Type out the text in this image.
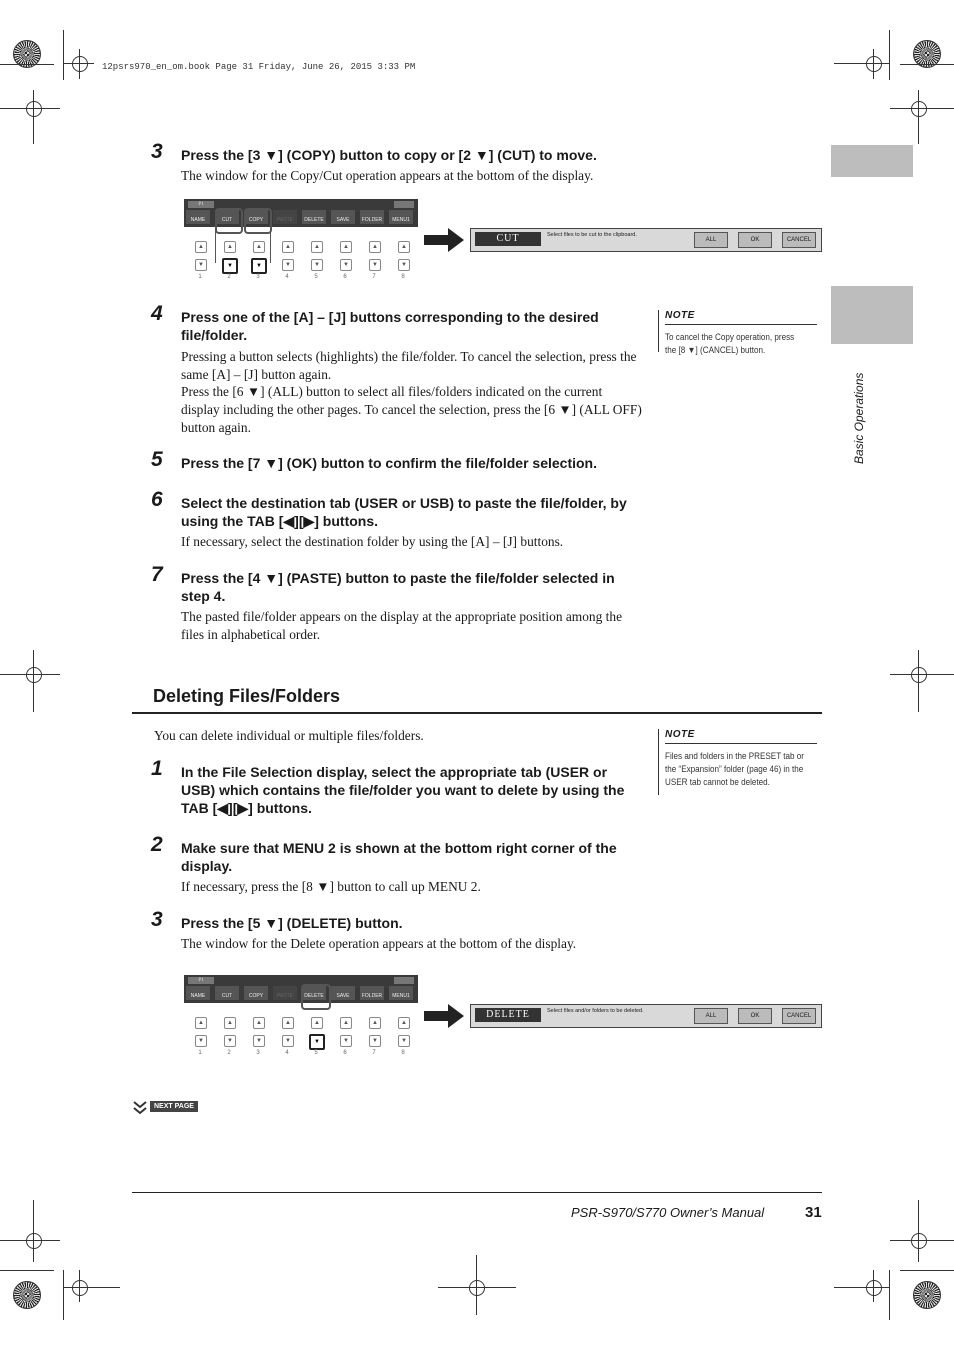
12psrs970_en_om.book Page 31 Friday, June 26, 2015 3:33 PM
Basic Operations
3 Press the [3 ▼] (COPY) button to copy or [2 ▼] (CUT) to move.
The window for the Copy/Cut operation appears at the bottom of the display.
P1
NAME	CUT	COPY	PASTE	DELETE	SAVE	FOLDER	MENU1
CUT	Select files to be cut to the clipboard.
ALL	OK	CANCEL
4 Press one of the [A] – [J] buttons corresponding to the desired file/folder.
Pressing a button selects (highlights) the file/folder. To cancel the selection, press the same [A] – [J] button again.
Press the [6 ▼] (ALL) button to select all files/folders indicated on the current display including the other pages. To cancel the selection, press the [6 ▼] (ALL OFF) button again.
NOTE
To cancel the Copy operation, press the [8 ▼] (CANCEL) button.
5 Press the [7 ▼] (OK) button to confirm the file/folder selection.
6 Select the destination tab (USER or USB) to paste the file/folder, by using the TAB [◀][▶] buttons.
If necessary, select the destination folder by using the [A] – [J] buttons.
7 Press the [4 ▼] (PASTE) button to paste the file/folder selected in step 4.
The pasted file/folder appears on the display at the appropriate position among the files in alphabetical order.
Deleting Files/Folders
You can delete individual or multiple files/folders.	NOTE
Files and folders in the PRESET tab or the “Expansion” folder (page 46) in the USER tab cannot be deleted.
1 In the File Selection display, select the appropriate tab (USER or USB) which contains the file/folder you want to delete by using the TAB [◀][▶] buttons.
2 Make sure that MENU 2 is shown at the bottom right corner of the display.
If necessary, press the [8 ▼] button to call up MENU 2.
3 Press the [5 ▼] (DELETE) button.
The window for the Delete operation appears at the bottom of the display.
P1
NAME	CUT	COPY	PASTE	DELETE	SAVE	FOLDER	MENU1
DELETE	Select files and/or folders to be deleted.
ALL	OK	CANCEL
NEXT PAGE
PSR-S970/S770 Owner’s Manual	31
▲
▼
1
▲
▼
2
▲
▼
3
▲
▼
4
▲
▼
5
▲
▼
6
▲
▼
7
▲
▼
8
▲
▼
1
▲
▼
2
▲
▼
3
▲
▼
4
▲
▼
5
▲
▼
6
▲
▼
7
▲
▼
8
